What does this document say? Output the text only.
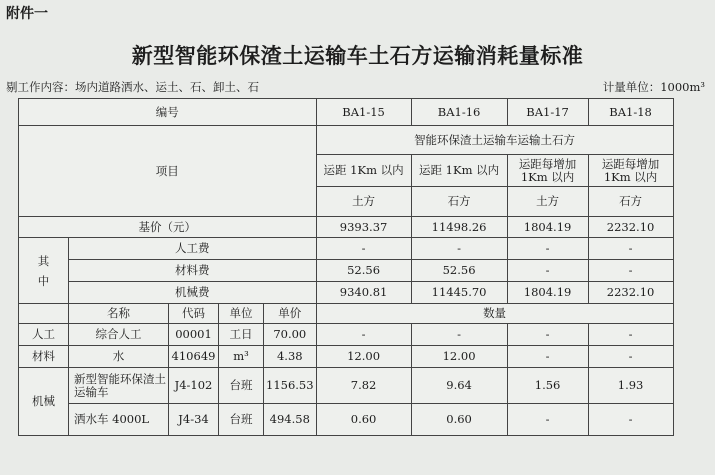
附件一
新型智能环保渣土运输车土石方运输消耗量标准
剔工作内容：场内道路洒水、运土、石、卸土、石	计量单位：1000m³
编号					BA1-15	BA1-16	BA1-17	BA1-18
项目					智能环保渣土运输车运输土石方			
					运距 1Km 以内	运距 1Km 以内	运距每增加 1Km 以内	运距每增加 1Km 以内
					土方	石方	土方	石方
基价（元）					9393.37	11498.26	1804.19	2232.10
其中	人工费				-	-	-	-
	材料费				52.56	52.56	-	-
	机械费				9340.81	11445.70	1804.19	2232.10
	名称	代码	单位	单价	数量			
人工	综合人工	00001	工日	70.00	-	-	-	-
材料	水	410649	m³	4.38	12.00	12.00	-	-
机械	新型智能环保渣土运输车	J4-102	台班	1156.53	7.82	9.64	1.56	1.93
	洒水车 4000L	J4-34	台班	494.58	0.60	0.60	-	-
